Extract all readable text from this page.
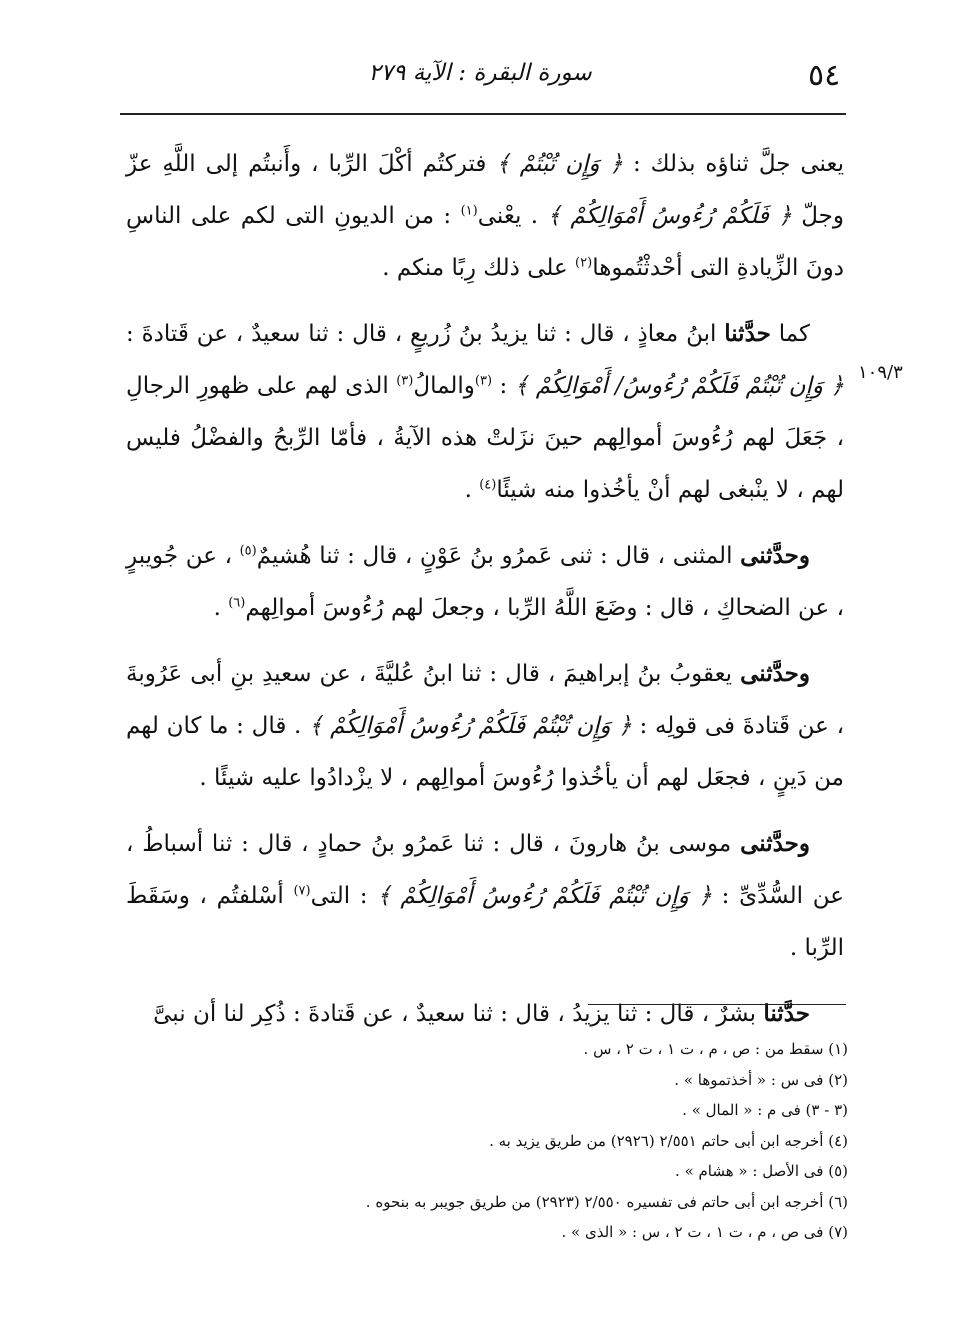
٥٤
سورة البقرة : الآية ٢٧٩
١٠٩/٣

يعنى جلَّ ثناؤه بذلك : ﴿ وَإِن تُبْتُمْ ﴾ فتركتُم أكْلَ الرِّبا ، وأَنبتُم إلى اللَّهِ عزّ وجلّ ﴿ فَلَكُمْ رُءُوسُ أَمْوَالِكُمْ ﴾ . يعْنى$^{(١)}$ : من الديونِ التى لكم على الناسِ دونَ الزِّيادةِ التى أحْدثْتُموها$^{(٢)}$ على ذلك رِبًا منكم .

كما حدَّثنا ابنُ معاذٍ ، قال : ثنا يزيدُ بنُ زُريعٍ ، قال : ثنا سعيدٌ ، عن قَتادةَ : ﴿ وَإِن تُبْتُمْ فَلَكُمْ رُءُوسُ/ أَمْوَالِكُمْ ﴾ : $^{(٣)}$والمالُ$^{(٣)}$ الذى لهم على ظهورِ الرجالِ ، جَعَلَ لهم رُءُوسَ أموالِهم حينَ نزَلتْ هذه الآيةُ ، فأمّا الرِّبحُ والفضْلُ فليس لهم ، لا ينْبغى لهم أنْ يأخُذوا منه شيئًا$^{(٤)}$ .

وحدَّثنى المثنى ، قال : ثنى عَمرُو بنُ عَوْنٍ ، قال : ثنا هُشيمٌ$^{(٥)}$ ، عن جُويبرٍ ، عن الضحاكِ ، قال : وضَعَ اللَّهُ الرِّبا ، وجعلَ لهم رُءُوسَ أموالِهم$^{(٦)}$ .

وحدَّثنى يعقوبُ بنُ إبراهيمَ ، قال : ثنا ابنُ عُليَّةَ ، عن سعيدِ بنِ أبى عَرُوبةَ ، عن قَتادةَ فى قولِه : ﴿ وَإِن تُبْتُمْ فَلَكُمْ رُءُوسُ أَمْوَالِكُمْ ﴾ . قال : ما كان لهم من دَينٍ ، فجعَل لهم أن يأخُذوا رُءُوسَ أموالِهم ، لا يزْدادُوا عليه شيئًا .

وحدَّثنى موسى بنُ هارونَ ، قال : ثنا عَمرُو بنُ حمادٍ ، قال : ثنا أسباطُ ، عن السُّدِّىِّ : ﴿ وَإِن تُبْتُمْ فَلَكُمْ رُءُوسُ أَمْوَالِكُمْ ﴾ : التى$^{(٧)}$ أسْلفتُم ، وسَقَطَ الرِّبا .

حدَّثنا بشرٌ ، قال : ثنا يزيدُ ، قال : ثنا سعيدٌ ، عن قَتادةَ : ذُكِر لنا أن نبىَّ

(١) سقط من : ص ، م ، ت ١ ، ت ٢ ، س .

(٢) فى س : « أخذتموها » .

(٣ - ٣) فى م : « المال » .

(٤) أخرجه ابن أبى حاتم ٢/٥٥١ (٢٩٢٦) من طريق يزيد به .

(٥) فى الأصل : « هشام » .

(٦) أخرجه ابن أبى حاتم فى تفسيره ٢/٥٥٠ (٢٩٢٣) من طريق جويبر به بنحوه .

(٧) فى ص ، م ، ت ١ ، ت ٢ ، س : « الذى » .
